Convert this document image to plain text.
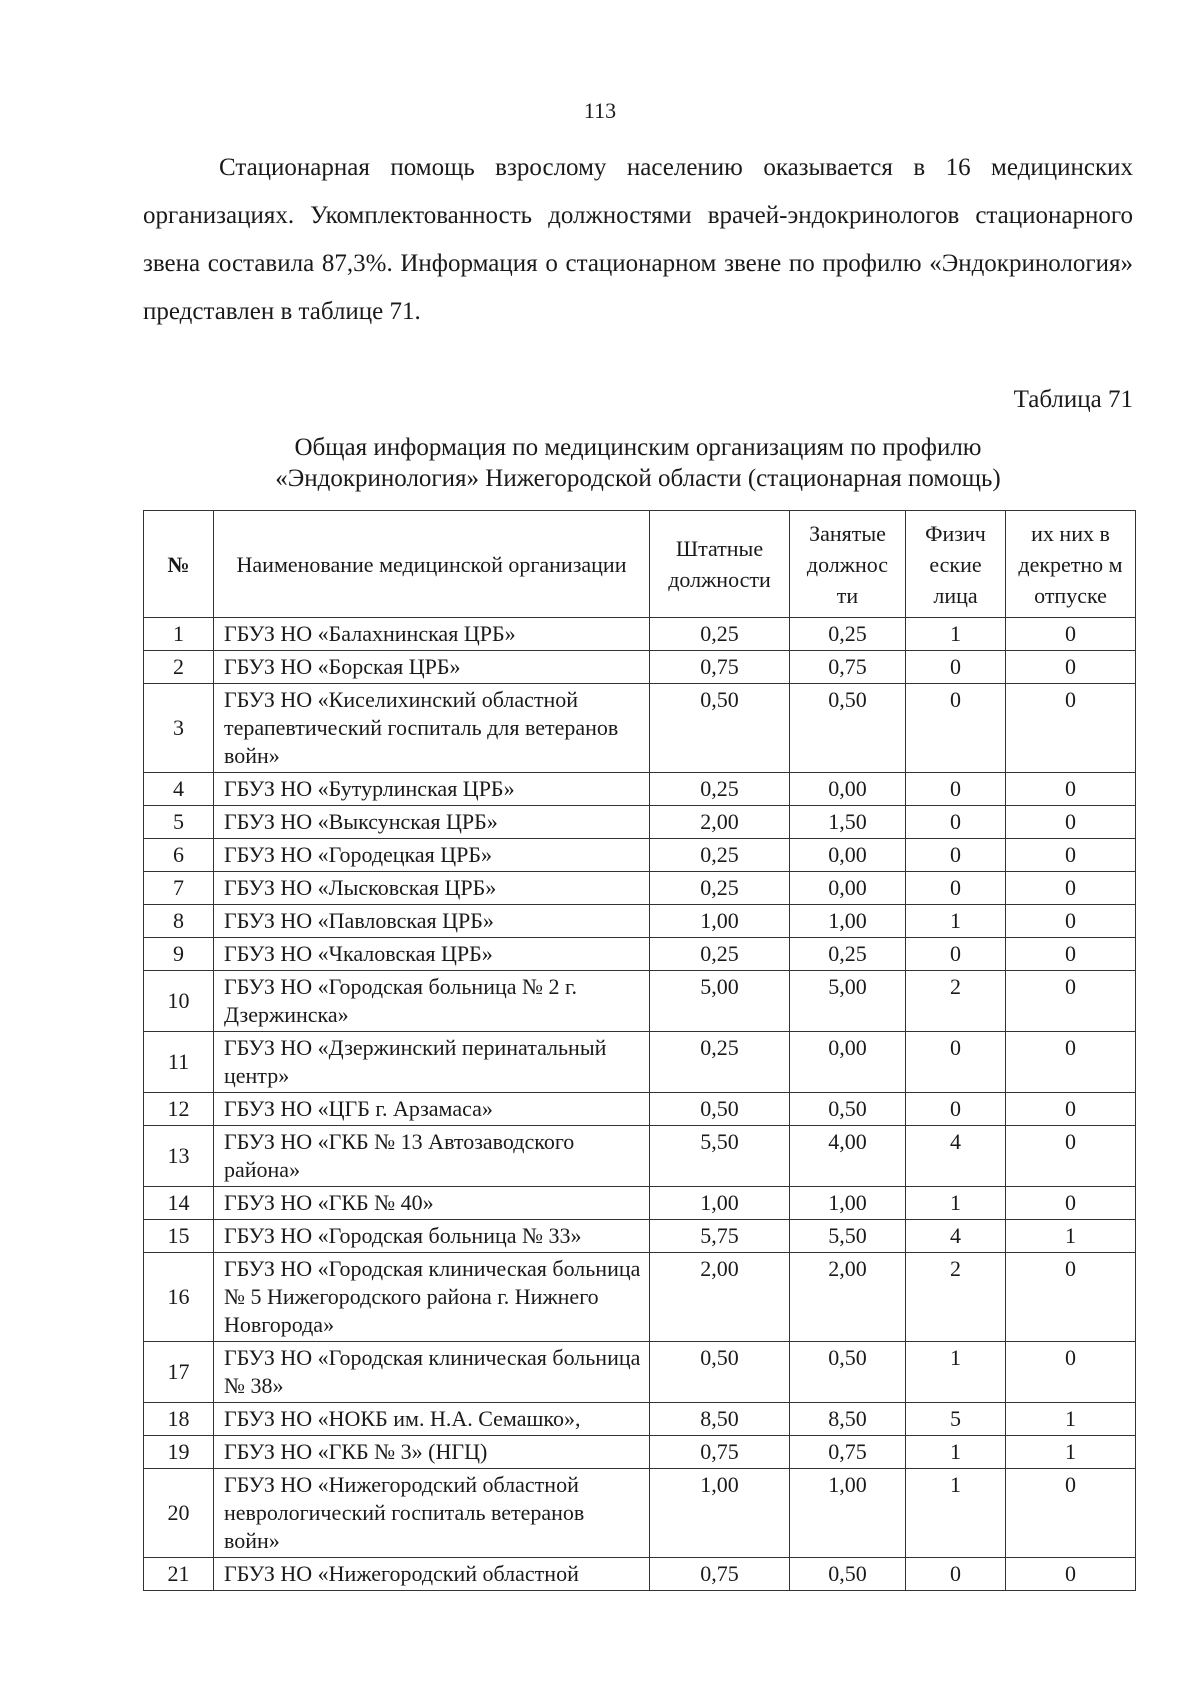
113

Стационарная помощь взрослому населению оказывается в 16 медицинских организациях. Укомплектованность должностями врачей-эндокринологов стационарного звена составила 87,3%. Информация о стационарном звене по профилю «Эндокринология» представлен в таблице 71.

Таблица 71
Общая информация по медицинским организациям по профилю
«Эндокринология» Нижегородской области (стационарная помощь)
№	Наименование медицинской организации	Штатные должности	Занятые должнос ти	Физич еские лица	их них в декретно м отпуске
1	ГБУЗ НО «Балахнинская ЦРБ»	0,25	0,25	1	0
2	ГБУЗ НО «Борская ЦРБ»	0,75	0,75	0	0
3	ГБУЗ НО «Киселихинский областной терапевтический госпиталь для ветеранов войн»	0,50	0,50	0	0
4	ГБУЗ НО «Бутурлинская ЦРБ»	0,25	0,00	0	0
5	ГБУЗ НО «Выксунская ЦРБ»	2,00	1,50	0	0
6	ГБУЗ НО «Городецкая ЦРБ»	0,25	0,00	0	0
7	ГБУЗ НО «Лысковская ЦРБ»	0,25	0,00	0	0
8	ГБУЗ НО «Павловская ЦРБ»	1,00	1,00	1	0
9	ГБУЗ НО «Чкаловская ЦРБ»	0,25	0,25	0	0
10	ГБУЗ НО «Городская больница № 2 г. Дзержинска»	5,00	5,00	2	0
11	ГБУЗ НО «Дзержинский перинатальный центр»	0,25	0,00	0	0
12	ГБУЗ НО «ЦГБ г. Арзамаса»	0,50	0,50	0	0
13	ГБУЗ НО «ГКБ № 13 Автозаводского района»	5,50	4,00	4	0
14	ГБУЗ НО «ГКБ № 40»	1,00	1,00	1	0
15	ГБУЗ НО «Городская больница № 33»	5,75	5,50	4	1
16	ГБУЗ НО «Городская клиническая больница № 5 Нижегородского района г. Нижнего Новгорода»	2,00	2,00	2	0
17	ГБУЗ НО «Городская клиническая больница № 38»	0,50	0,50	1	0
18	ГБУЗ НО «НОКБ им. Н.А. Семашко»,	8,50	8,50	5	1
19	ГБУЗ НО «ГКБ № 3» (НГЦ)	0,75	0,75	1	1
20	ГБУЗ НО «Нижегородский областной неврологический госпиталь ветеранов войн»	1,00	1,00	1	0
21	ГБУЗ НО «Нижегородский областной	0,75	0,50	0	0
